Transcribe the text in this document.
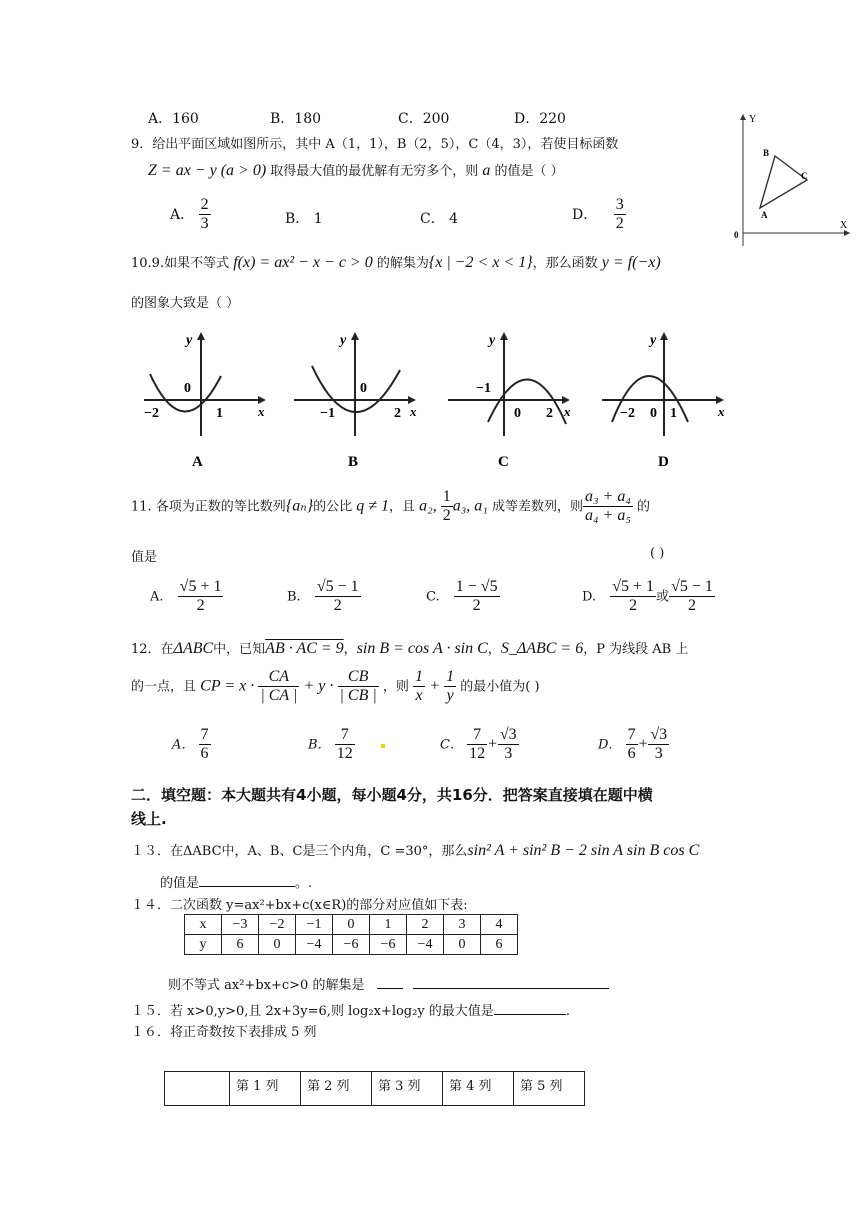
A．160	B．180	C．200	D．220
9．给出平面区域如图所示，其中 A（1，1），B（2，5），C（4，3），若使目标函数
Z = ax − y (a > 0) 取得最大值的最优解有无穷多个，则 a 的值是（ ）
A． $\frac{2}{3}$	B． 1	C． 4	D． $\frac{3}{2}$
Y
X
0
A
B
C
10.9.如果不等式 f(x) = ax² − x − c > 0 的解集为{x | −2 < x < 1}，那么函数 y = f(−x)
的图象大致是（ ）
y
x
−2	1
0
A
y
x
−1	2
0
B
y
x
−1
0 2
C
y
x
−2 0 1
D
11. 各项为正数的等比数列{aₙ}的公比 q ≠ 1，且 a₂, $\frac{1}{2} a_3$, a₁ 成等差数列，则 $\frac{\text{a₃ + a₄}}{\text{a₄ + a₅}}$ 的
值是	( )
A. $\frac{√5 + 1}{2}$	B. $\frac{√5 - 1}{2}$	C. $\frac{1 - √5}{2}$	D. $\frac{√5 + 1}{2}$ 或 $\frac{√5 - 1}{2}$
12．在ΔABC中，已知AB · AC = 9，sin B = cos A · sin C，S_ΔABC = 6，P 为线段 AB 上
的一点，且 CP = $x \cdot \frac{CA}{| CA |} + y \cdot \frac{CB}{| CB |}$ ，则 $\frac{1}{x} + \frac{1}{y}$ 的最小值为( )
A． $\frac{7}{6}$	B． $\frac{7}{12}$
	C． $\frac{7}{12} + \frac{√3}{3}$	D． $\frac{7}{6} + \frac{√3}{3}$
二．填空题：本大题共有4小题，每小题4分，共16分．把答案直接填在题中横
线上.
１３．在ΔABC中，A、B、C是三个内角，C =30°，那么sin² A + sin² B − 2 sin A sin B cos C
的值是	。.
１４．二次函数 y=ax²+bx+c(x∈R)的部分对应值如下表:
x	−3	−2	−1	0	1	2	3	4
y	6	0	−4	−6	−6	−4	0	6
则不等式 ax²+bx+c>0 的解集是
１５．若 x>0,y>0,且 2x+3y=6,则 log₂x+log₂y 的最大值是	.
１６．将正奇数按下表排成 5 列
	第 1 列	第 2 列	第 3 列	第 4 列	第 5 列
